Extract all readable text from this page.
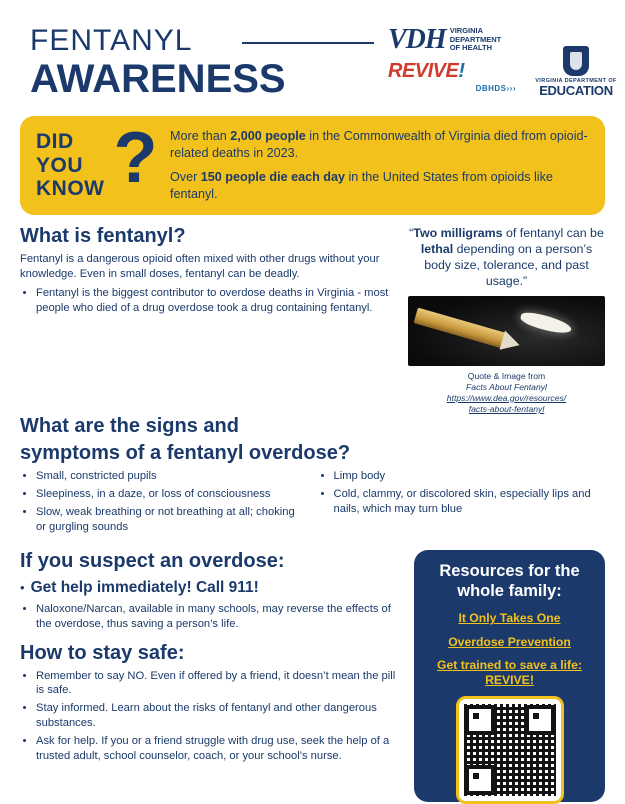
FENTANYL
AWARENESS
VDH VIRGINIA
DEPARTMENT
OF HEALTH
REVIVE !
DBHDS›››
VIRGINIA DEPARTMENT OF
EDUCATION
DID
YOU
KNOW ? More than 2,000 people in the Commonwealth of Virginia died from opioid-related deaths in 2023.

Over 150 people die each day in the United States from opioids like fentanyl.

What is fentanyl?

Fentanyl is a dangerous opioid often mixed with other drugs without your knowledge. Even in small doses, fentanyl can be deadly.

• Fentanyl is the biggest contributor to overdose deaths in Virginia - most people who died of a drug overdose took a drug containing fentanyl.
“Two milligrams of fentanyl can be lethal depending on a person’s body size, tolerance, and past usage.”
Quote & Image from
Facts About Fentanyl
https://www.dea.gov/resources/
facts-about-fentanyl
What are the signs and
symptoms of a fentanyl overdose?
• Small, constricted pupils
• Sleepiness, in a daze, or loss of consciousness
• Slow, weak breathing or not breathing at all; choking or gurgling sounds
• Limp body
• Cold, clammy, or discolored skin, especially lips and nails, which may turn blue
If you suspect an overdose:
• Get help immediately! Call 911!
• Naloxone/Narcan, available in many schools, may reverse the effects of the overdose, thus saving a person’s life.
How to stay safe:
• Remember to say NO. Even if offered by a friend, it doesn’t mean the pill is safe.
• Stay informed. Learn about the risks of fentanyl and other dangerous substances.
• Ask for help. If you or a friend struggle with drug use, seek the help of a trusted adult, school counselor, coach, or your school’s nurse.
Resources for the
whole family:
It Only Takes One
Overdose Prevention
Get trained to save a life: REVIVE!
